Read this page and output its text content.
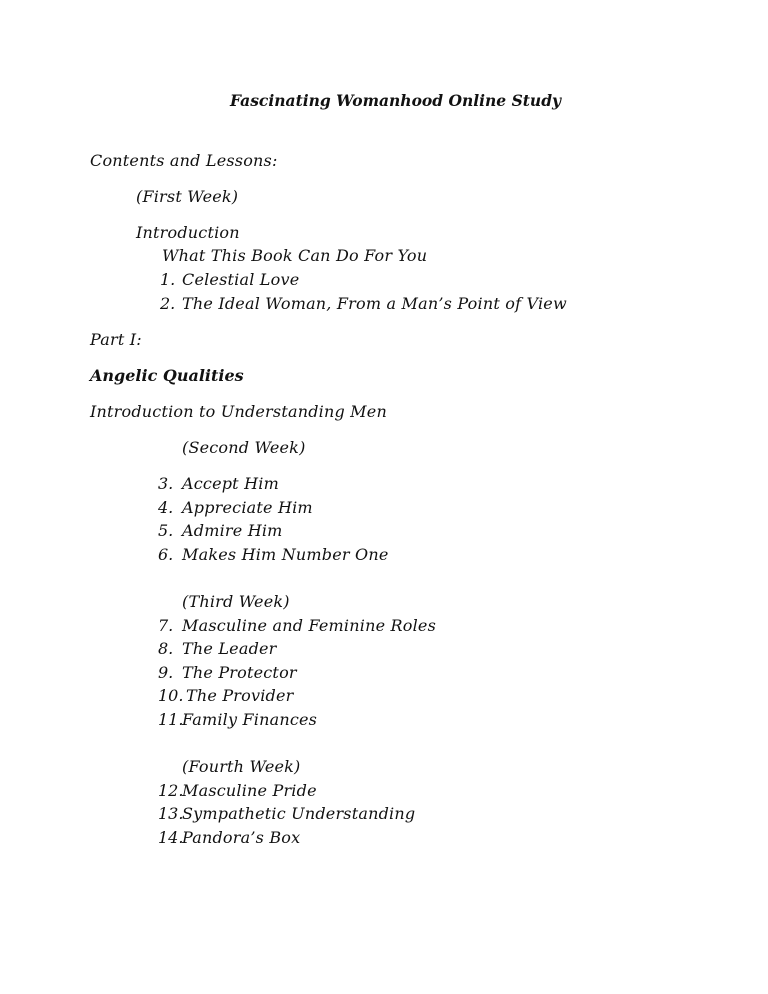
Fascinating Womanhood Online Study
Contents and Lessons:
(First Week)
Introduction
What This Book Can Do For You
1. Celestial Love
2. The Ideal Woman, From a Man’s Point of View
Part I:
Angelic Qualities
Introduction to Understanding Men
(Second Week)
3. Accept Him
4. Appreciate Him
5. Admire Him
6. Makes Him Number One
(Third Week)
7. Masculine and Feminine Roles
8. The Leader
9. The Protector
10. The Provider
11.
Family Finances
(Fourth Week)
12.
Masculine Pride
13.
Sympathetic Understanding
14.
Pandora’s Box
